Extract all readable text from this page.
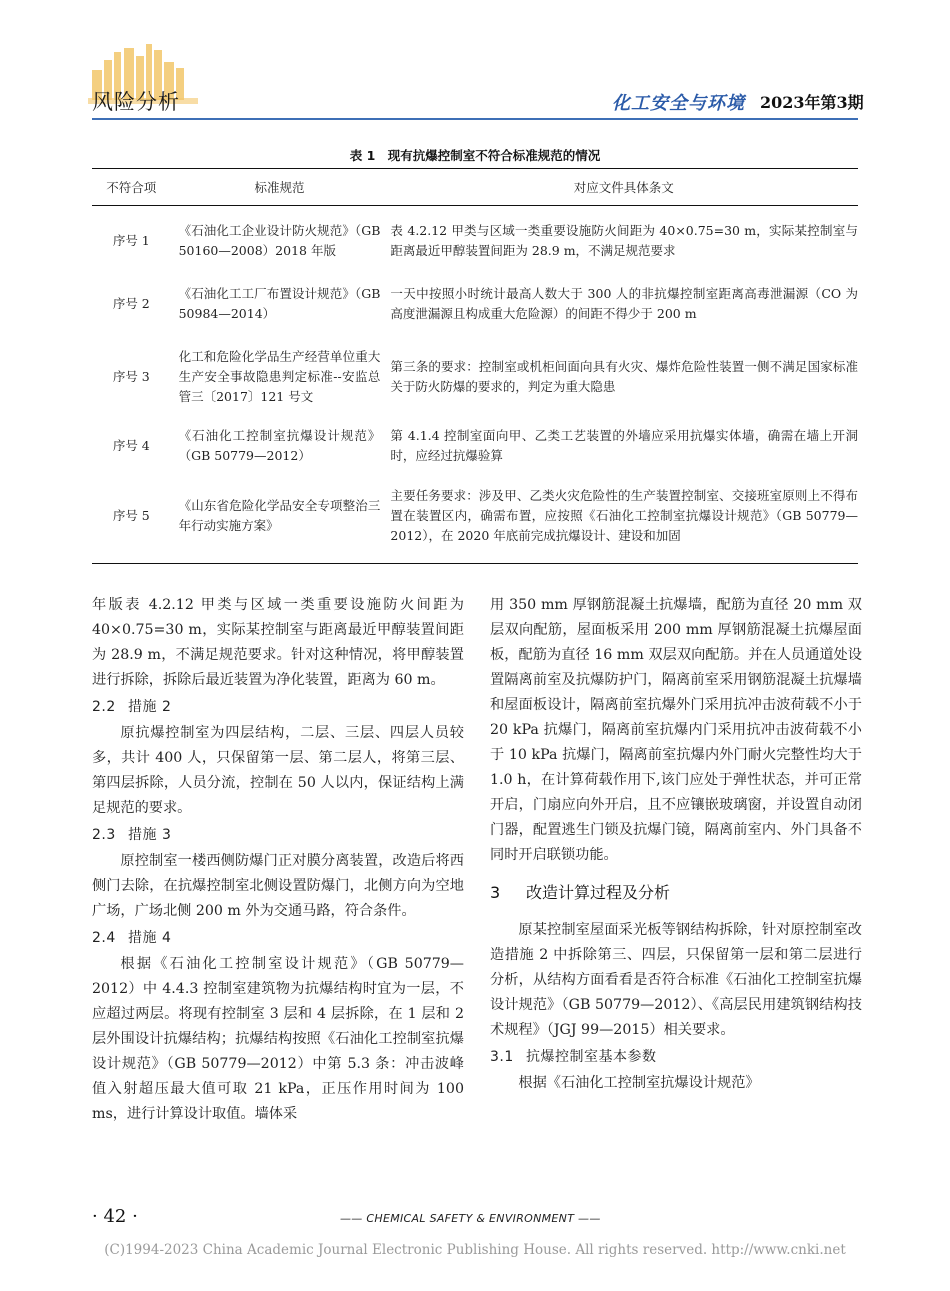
风险分析	化工安全与环境 2023年第3期
表 1　现有抗爆控制室不符合标准规范的情况
不符合项	标准规范	对应文件具体条文
序号 1	《石油化工企业设计防火规范》（GB 50160—2008）2018 年版	表 4.2.12 甲类与区域一类重要设施防火间距为 40×0.75=30 m，实际某控制室与距离最近甲醇装置间距为 28.9 m，不满足规范要求
序号 2	《石油化工工厂布置设计规范》（GB 50984—2014）	一天中按照小时统计最高人数大于 300 人的非抗爆控制室距离高毒泄漏源（CO 为高度泄漏源且构成重大危险源）的间距不得少于 200 m
序号 3	化工和危险化学品生产经营单位重大生产安全事故隐患判定标准--安监总管三〔2017〕121 号文	第三条的要求：控制室或机柜间面向具有火灾、爆炸危险性装置一侧不满足国家标准关于防火防爆的要求的，判定为重大隐患
序号 4	《石油化工控制室抗爆设计规范》（GB 50779—2012）	第 4.1.4 控制室面向甲、乙类工艺装置的外墙应采用抗爆实体墙，确需在墙上开洞时，应经过抗爆验算
序号 5	《山东省危险化学品安全专项整治三年行动实施方案》	主要任务要求：涉及甲、乙类火灾危险性的生产装置控制室、交接班室原则上不得布置在装置区内，确需布置，应按照《石油化工控制室抗爆设计规范》（GB 50779—2012），在 2020 年底前完成抗爆设计、建设和加固

年版表 4.2.12 甲类与区域一类重要设施防火间距为 40×0.75=30 m，实际某控制室与距离最近甲醇装置间距为 28.9 m，不满足规范要求。针对这种情况，将甲醇装置进行拆除，拆除后最近装置为净化装置，距离为 60 m。

2.2 措施 2

原抗爆控制室为四层结构，二层、三层、四层人员较多，共计 400 人，只保留第一层、第二层人，将第三层、第四层拆除，人员分流，控制在 50 人以内，保证结构上满足规范的要求。

2.3 措施 3

原控制室一楼西侧防爆门正对膜分离装置，改造后将西侧门去除，在抗爆控制室北侧设置防爆门，北侧方向为空地广场，广场北侧 200 m 外为交通马路，符合条件。

2.4 措施 4

根据《石油化工控制室设计规范》（GB 50779—2012）中 4.4.3 控制室建筑物为抗爆结构时宜为一层，不应超过两层。将现有控制室 3 层和 4 层拆除，在 1 层和 2 层外围设计抗爆结构；抗爆结构按照《石油化工控制室抗爆设计规范》（GB 50779—2012）中第 5.3 条：冲击波峰值入射超压最大值可取 21 kPa，正压作用时间为 100 ms，进行计算设计取值。墙体采

用 350 mm 厚钢筋混凝土抗爆墙，配筋为直径 20 mm 双层双向配筋，屋面板采用 200 mm 厚钢筋混凝土抗爆屋面板，配筋为直径 16 mm 双层双向配筋。并在人员通道处设置隔离前室及抗爆防护门，隔离前室采用钢筋混凝土抗爆墙和屋面板设计，隔离前室抗爆外门采用抗冲击波荷载不小于 20 kPa 抗爆门，隔离前室抗爆内门采用抗冲击波荷载不小于 10 kPa 抗爆门，隔离前室抗爆内外门耐火完整性均大于 1.0 h，在计算荷载作用下,该门应处于弹性状态，并可正常开启，门扇应向外开启，且不应镶嵌玻璃窗，并设置自动闭门器，配置逃生门锁及抗爆门镜，隔离前室内、外门具备不同时开启联锁功能。

3 改造计算过程及分析

原某控制室屋面采光板等钢结构拆除，针对原控制室改造措施 2 中拆除第三、四层，只保留第一层和第二层进行分析，从结构方面看看是否符合标准《石油化工控制室抗爆设计规范》（GB 50779—2012）、《高层民用建筑钢结构技术规程》（JGJ 99—2015）相关要求。

3.1 抗爆控制室基本参数

根据《石油化工控制室抗爆设计规范》

· 42 ·	—— CHEMICAL SAFETY & ENVIRONMENT ——
(C)1994-2023 China Academic Journal Electronic Publishing House. All rights reserved. http://www.cnki.net
